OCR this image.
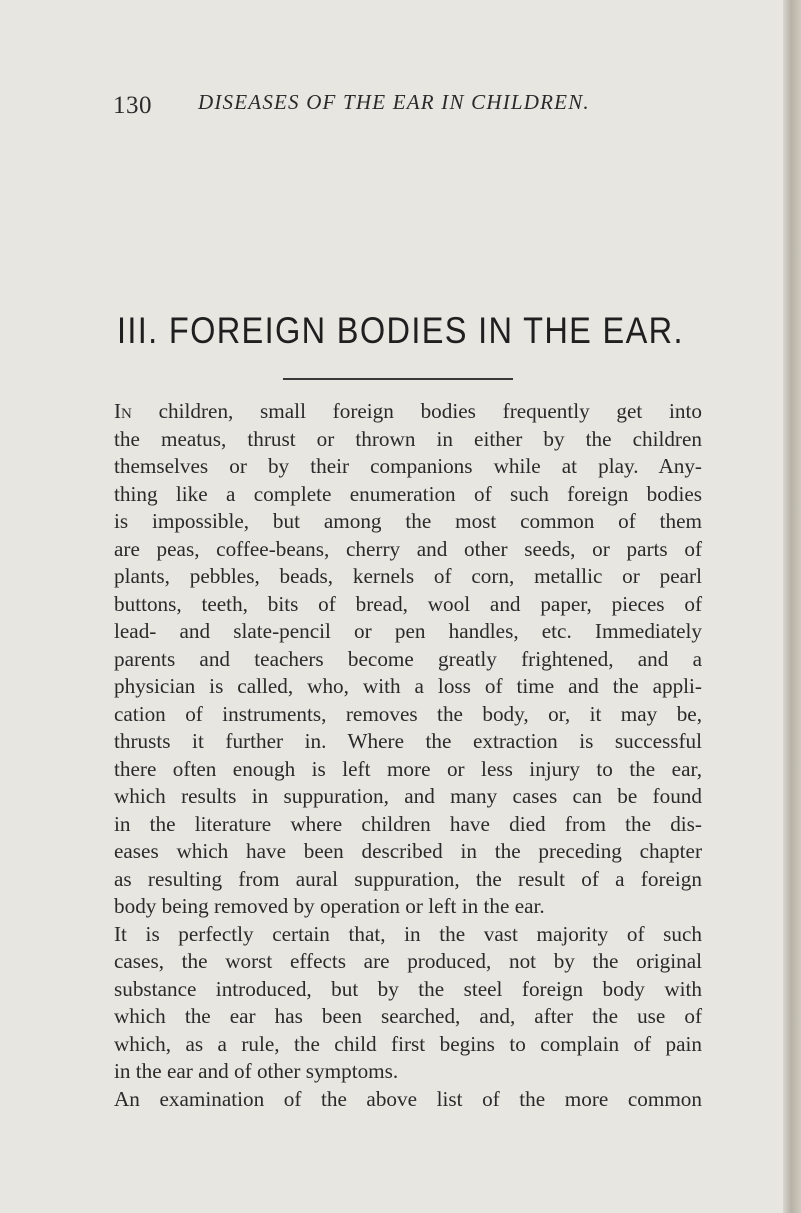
130 DISEASES OF THE EAR IN CHILDREN.
III. FOREIGN BODIES IN THE EAR.
In children, small foreign bodies frequently get into
the meatus, thrust or thrown in either by the children
themselves or by their companions while at play. Any-
thing like a complete enumeration of such foreign bodies
is impossible, but among the most common of them
are peas, coffee-beans, cherry and other seeds, or parts of
plants, pebbles, beads, kernels of corn, metallic or pearl
buttons, teeth, bits of bread, wool and paper, pieces of
lead- and slate-pencil or pen handles, etc. Immediately
parents and teachers become greatly frightened, and a
physician is called, who, with a loss of time and the appli-
cation of instruments, removes the body, or, it may be,
thrusts it further in. Where the extraction is successful
there often enough is left more or less injury to the ear,
which results in suppuration, and many cases can be found
in the literature where children have died from the dis-
eases which have been described in the preceding chapter
as resulting from aural suppuration, the result of a foreign
body being removed by operation or left in the ear.
It is perfectly certain that, in the vast majority of such
cases, the worst effects are produced, not by the original
substance introduced, but by the steel foreign body with
which the ear has been searched, and, after the use of
which, as a rule, the child first begins to complain of pain
in the ear and of other symptoms.
An examination of the above list of the more common
